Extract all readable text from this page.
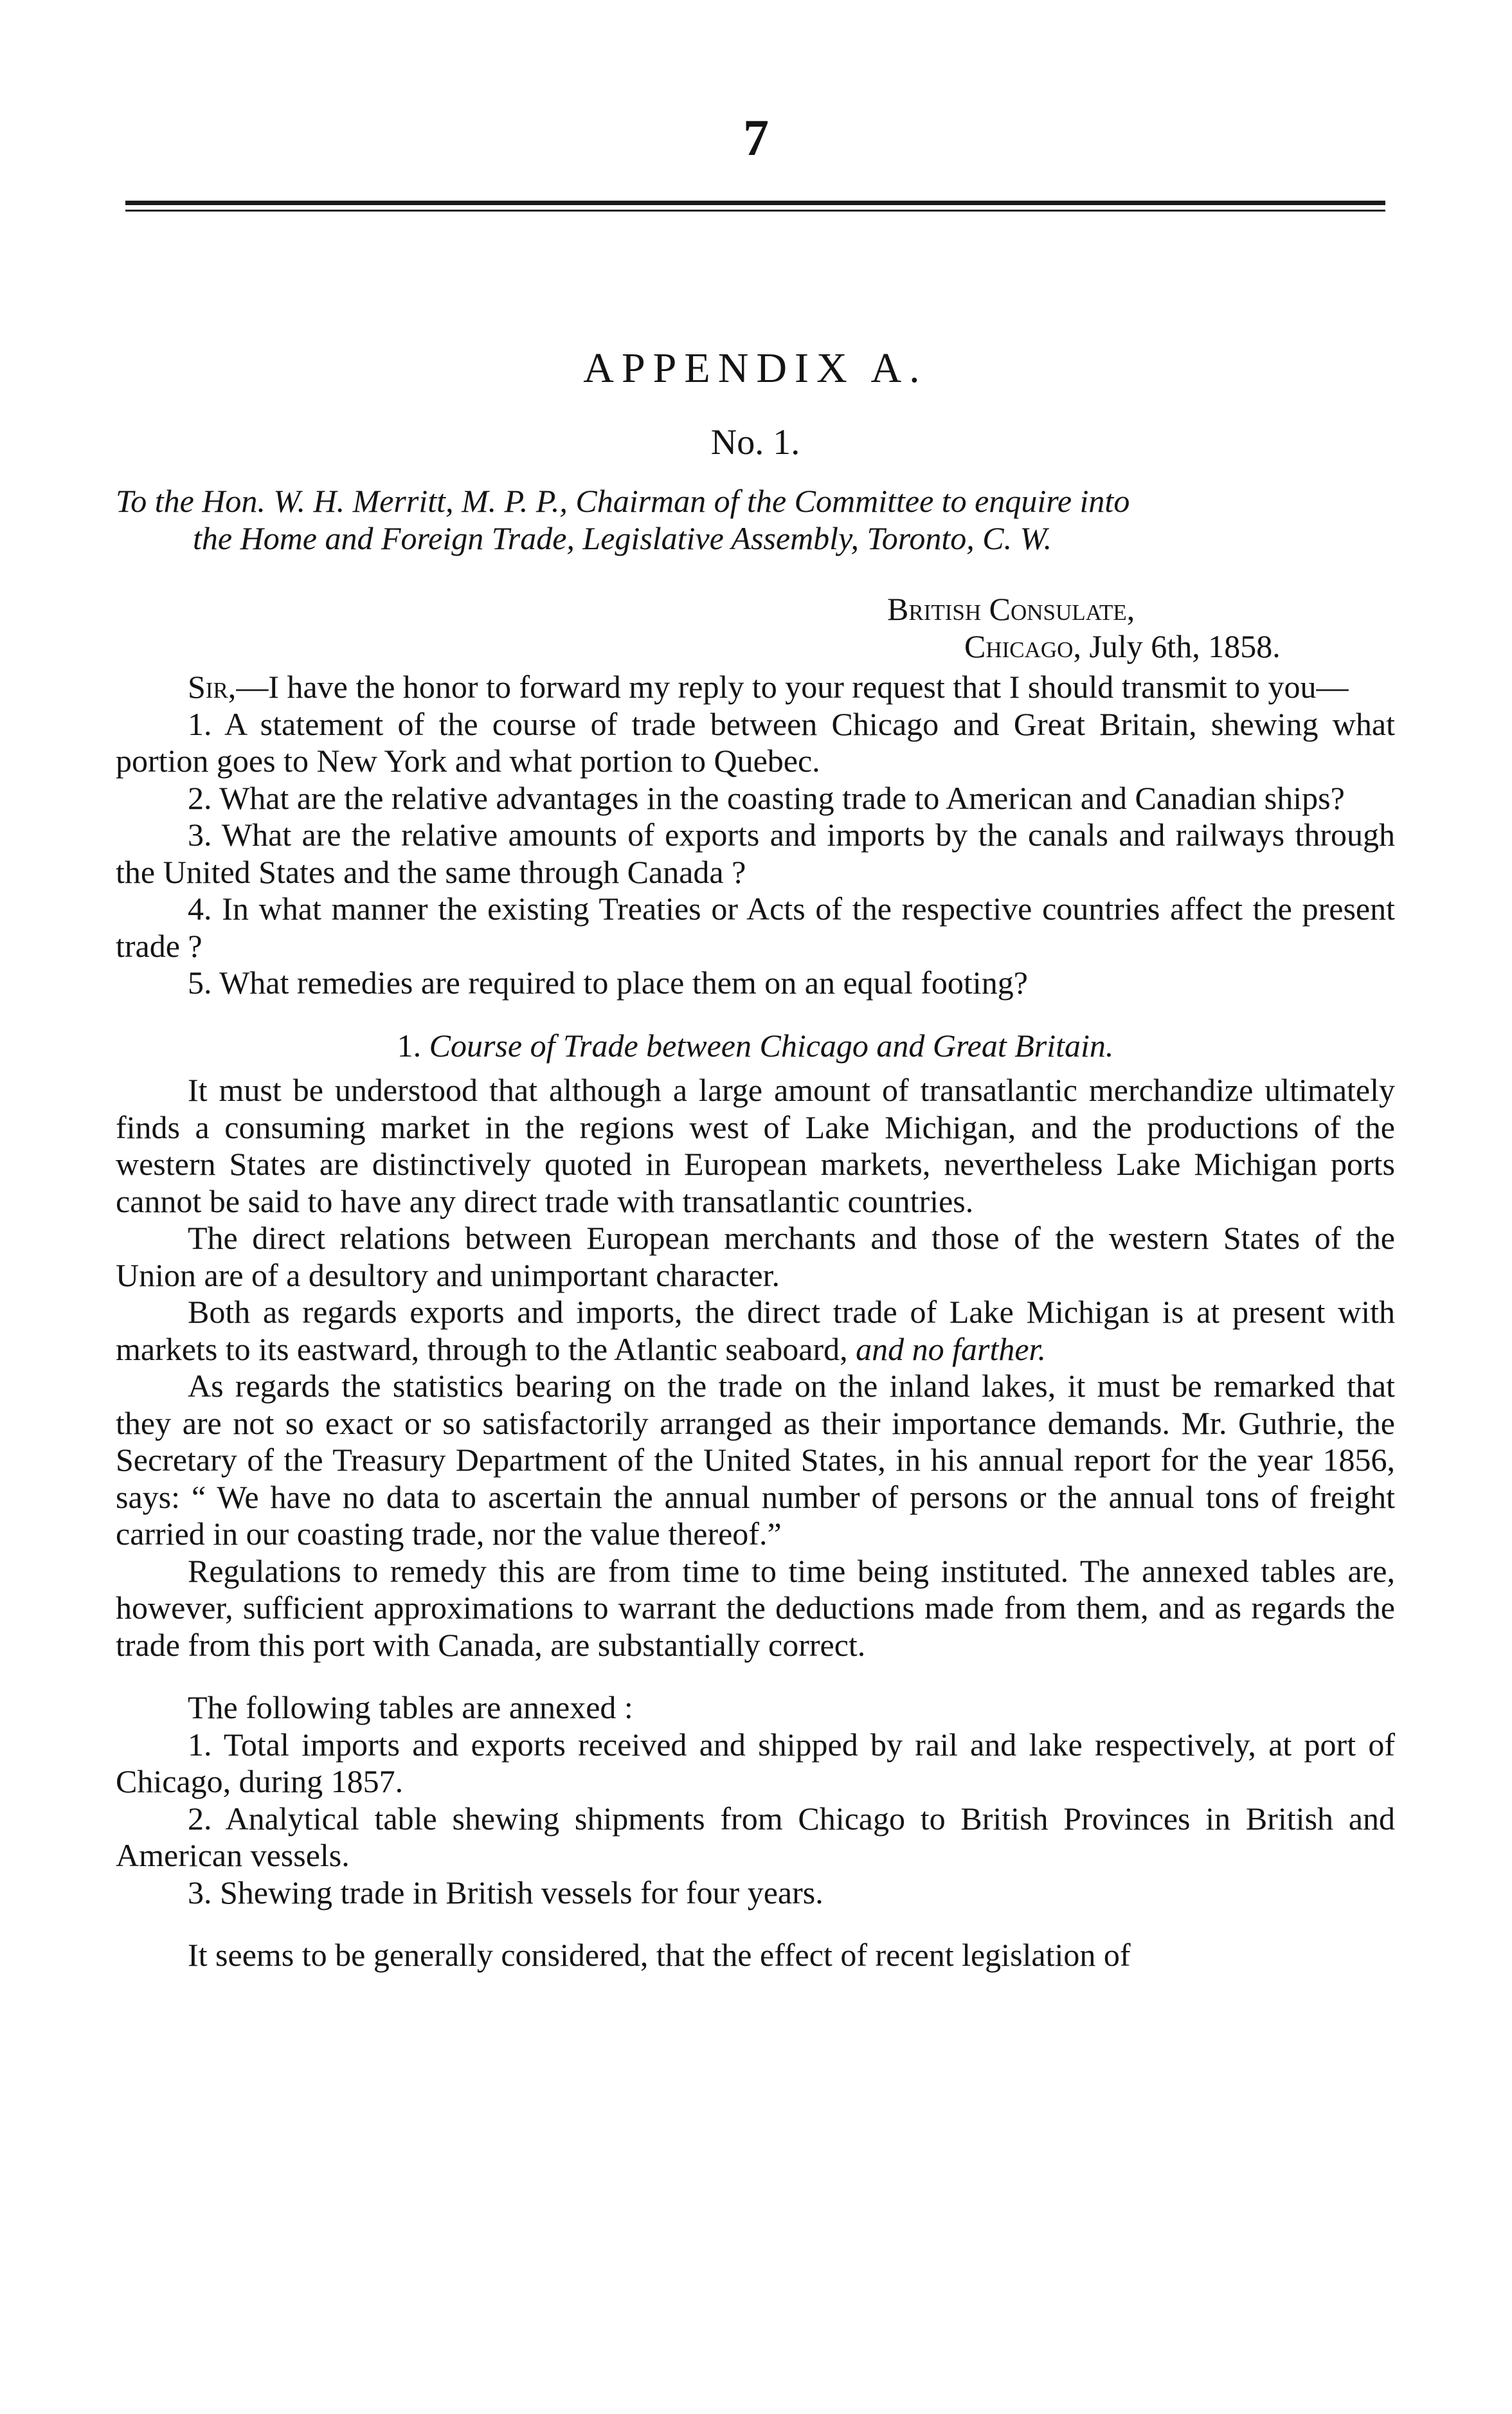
7
APPENDIX A.
No. 1.
To the Hon. W. H. Merritt, M. P. P., Chairman of the Committee to enquire into
the Home and Foreign Trade, Legislative Assembly, Toronto, C. W.
British Consulate,
Chicago, July 6th, 1858.

Sir,—I have the honor to forward my reply to your request that I should transmit to you—

1. A statement of the course of trade between Chicago and Great Britain, shewing what portion goes to New York and what portion to Quebec.

2. What are the relative advantages in the coasting trade to American and Canadian ships?

3. What are the relative amounts of exports and imports by the canals and railways through the United States and the same through Canada ?

4. In what manner the existing Treaties or Acts of the respective countries affect the present trade ?

5. What remedies are required to place them on an equal footing?

1. Course of Trade between Chicago and Great Britain.

It must be understood that although a large amount of transatlantic merchandize ultimately finds a consuming market in the regions west of Lake Michigan, and the productions of the western States are distinctively quoted in European markets, nevertheless Lake Michigan ports cannot be said to have any direct trade with transatlantic countries.

The direct relations between European merchants and those of the western States of the Union are of a desultory and unimportant character.

Both as regards exports and imports, the direct trade of Lake Michigan is at present with markets to its eastward, through to the Atlantic seaboard, and no farther.

As regards the statistics bearing on the trade on the inland lakes, it must be remarked that they are not so exact or so satisfactorily arranged as their importance demands. Mr. Guthrie, the Secretary of the Treasury Department of the United States, in his annual report for the year 1856, says: “ We have no data to ascertain the annual number of persons or the annual tons of freight carried in our coasting trade, nor the value thereof.”

Regulations to remedy this are from time to time being instituted. The annexed tables are, however, sufficient approximations to warrant the deductions made from them, and as regards the trade from this port with Canada, are substantially correct.

The following tables are annexed :

1. Total imports and exports received and shipped by rail and lake respectively, at port of Chicago, during 1857.

2. Analytical table shewing shipments from Chicago to British Provinces in British and American vessels.

3. Shewing trade in British vessels for four years.

It seems to be generally considered, that the effect of recent legislation of
